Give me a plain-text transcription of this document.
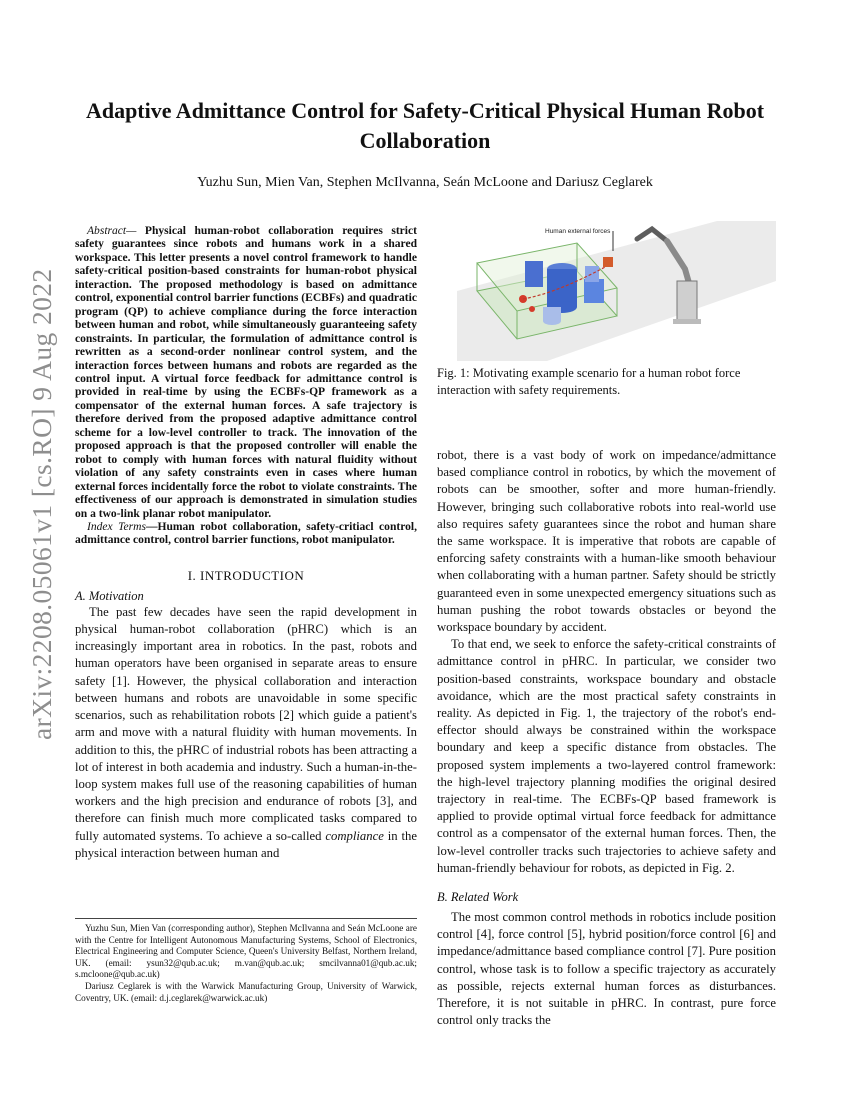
arXiv:2208.05061v1 [cs.RO] 9 Aug 2022
Adaptive Admittance Control for Safety-Critical Physical Human Robot Collaboration

Yuzhu Sun, Mien Van, Stephen McIlvanna, Seán McLoone and Dariusz Ceglarek

Abstract— Physical human-robot collaboration requires strict safety guarantees since robots and humans work in a shared workspace. This letter presents a novel control framework to handle safety-critical position-based constraints for human-robot physical interaction. The proposed methodology is based on admittance control, exponential control barrier functions (ECBFs) and quadratic program (QP) to achieve compliance during the force interaction between human and robot, while simultaneously guaranteeing safety constraints. In particular, the formulation of admittance control is rewritten as a second-order nonlinear control system, and the interaction forces between humans and robots are regarded as the control input. A virtual force feedback for admittance control is provided in real-time by using the ECBFs-QP framework as a compensator of the external human forces. A safe trajectory is therefore derived from the proposed adaptive admittance control scheme for a low-level controller to track. The innovation of the proposed approach is that the proposed controller will enable the robot to comply with human forces with natural fluidity without violation of any safety constraints even in cases where human external forces incidentally force the robot to violate constraints. The effectiveness of our approach is demonstrated in simulation studies on a two-link planar robot manipulator.

Index Terms—Human robot collaboration, safety-critiacl control, admittance control, control barrier functions, robot manipulator.

I. INTRODUCTION

A. Motivation

The past few decades have seen the rapid development in physical human-robot collaboration (pHRC) which is an increasingly important area in robotics. In the past, robots and human operators have been organised in separate areas to ensure safety [1]. However, the physical collaboration and interaction between humans and robots are unavoidable in some specific scenarios, such as rehabilitation robots [2] which guide a patient's arm and move with a natural fluidity with human movements. In addition to this, the pHRC of industrial robots has been attracting a lot of interest in both academia and industry. Such a human-in-the-loop system makes full use of the reasoning capabilities of human workers and the high precision and endurance of robots [3], and therefore can finish much more complicated tasks compared to fully automated systems. To achieve a so-called compliance in the physical interaction between human and

Yuzhu Sun, Mien Van (corresponding author), Stephen McIlvanna and Seán McLoone are with the Centre for Intelligent Autonomous Manufacturing Systems, School of Electronics, Electrical Engineering and Computer Science, Queen's University Belfast, Northern Ireland, UK. (email: ysun32@qub.ac.uk; m.van@qub.ac.uk; smcilvanna01@qub.ac.uk; s.mcloone@qub.ac.uk)

Dariusz Ceglarek is with the Warwick Manufacturing Group, University of Warwick, Coventry, UK. (email: d.j.ceglarek@warwick.ac.uk)

Human external forces

Fig. 1: Motivating example scenario for a human robot force interaction with safety requirements.

robot, there is a vast body of work on impedance/admittance based compliance control in robotics, by which the movement of robots can be smoother, softer and more human-friendly. However, bringing such collaborative robots into real-world use also requires safety guarantees since the robot and human share the same workspace. It is imperative that robots are capable of enforcing safety constraints with a human-like smooth behaviour when collaborating with a human partner. Safety should be strictly guaranteed even in some unexpected emergency situations such as human pushing the robot towards obstacles or beyond the workspace boundary by accident.

To that end, we seek to enforce the safety-critical constraints of admittance control in pHRC. In particular, we consider two position-based constraints, workspace boundary and obstacle avoidance, which are the most practical safety constraints in reality. As depicted in Fig. 1, the trajectory of the robot's end-effector should always be constrained within the workspace boundary and keep a specific distance from obstacles. The proposed system implements a two-layered control framework: the high-level trajectory planning modifies the original desired trajectory in real-time. The ECBFs-QP based framework is applied to provide optimal virtual force feedback for admittance control as a compensator of the external human forces. Then, the low-level controller tracks such trajectories to achieve safety and human-friendly behaviour for robots, as depicted in Fig. 2.

B. Related Work

The most common control methods in robotics include position control [4], force control [5], hybrid position/force control [6] and impedance/admittance based compliance control [7]. Pure position control, whose task is to follow a specific trajectory as accurately as possible, rejects external human forces as disturbances. Therefore, it is not suitable in pHRC. In contrast, pure force control only tracks the
